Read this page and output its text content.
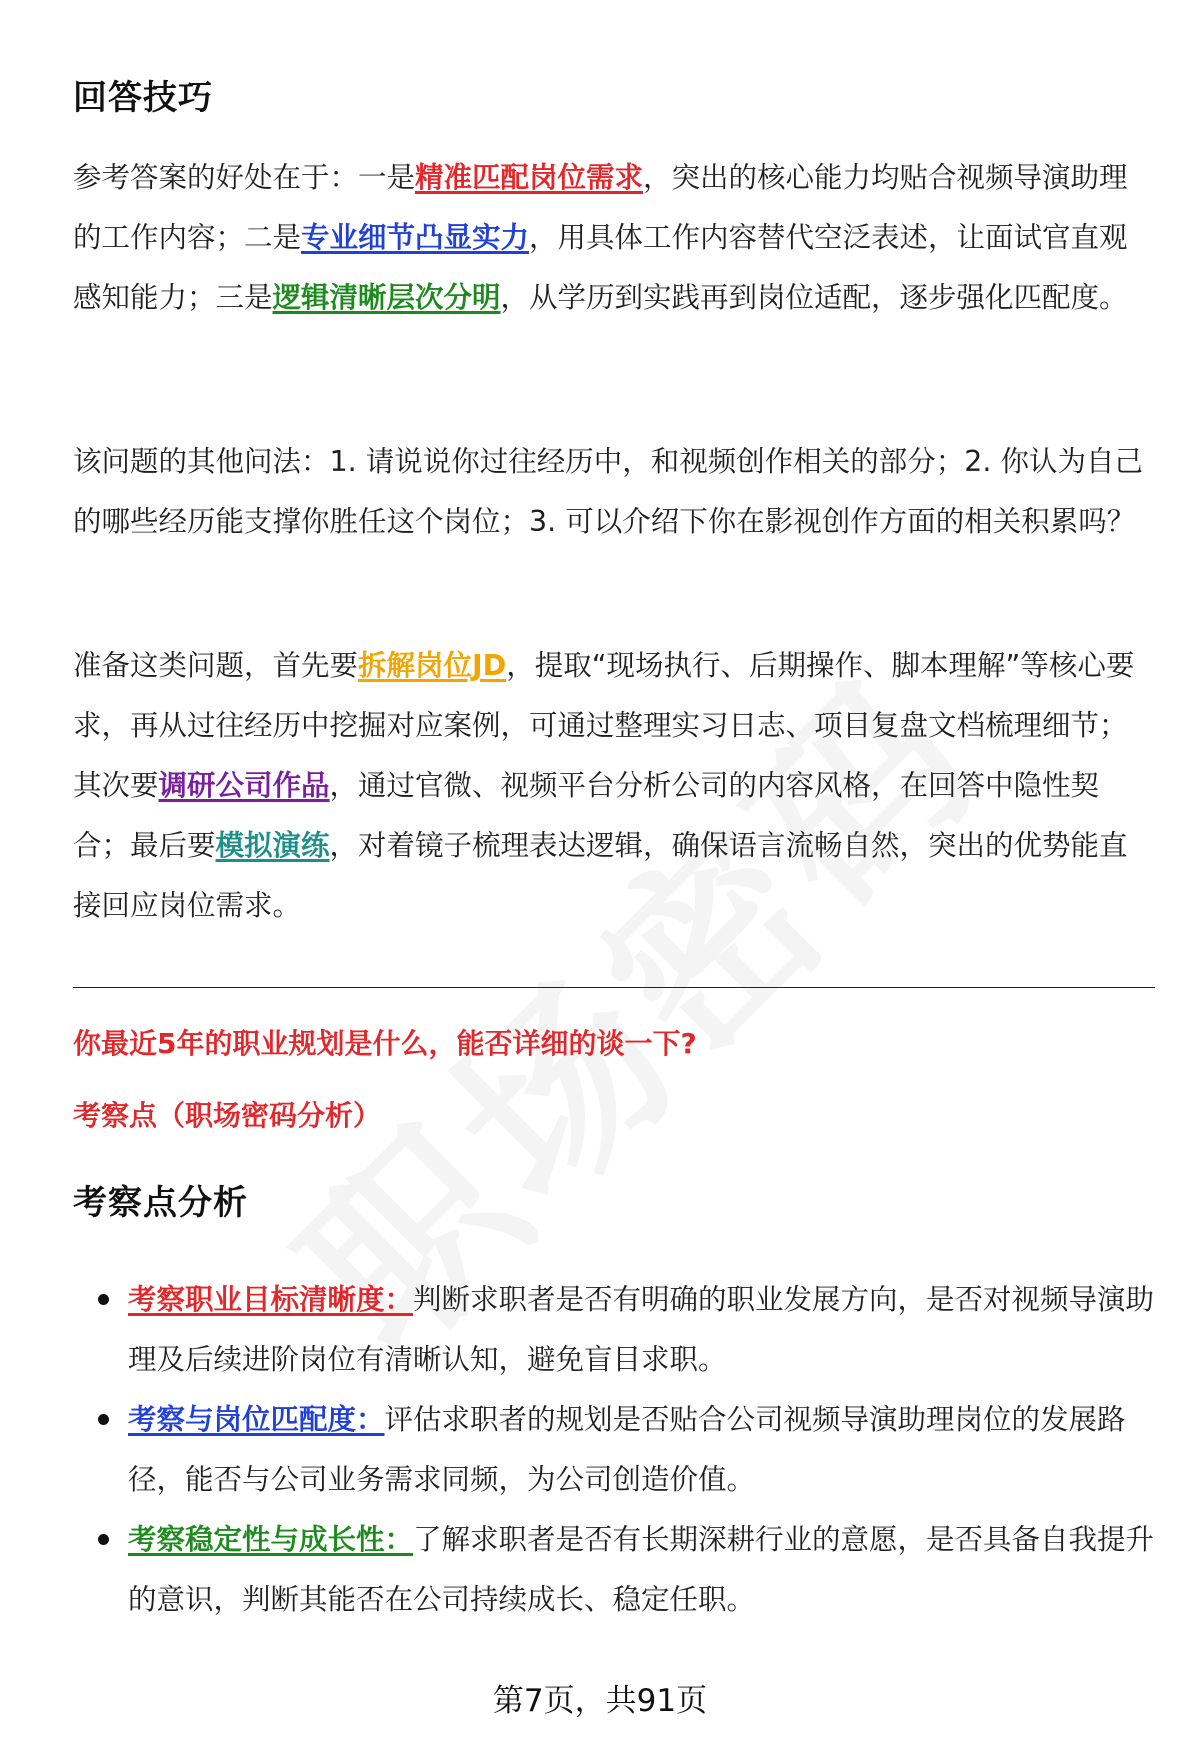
回答技巧

参考答案的好处在于：一是精准匹配岗位需求，突出的核心能力均贴合视频导演助理的工作内容；二是专业细节凸显实力，用具体工作内容替代空泛表述，让面试官直观感知能力；三是逻辑清晰层次分明，从学历到实践再到岗位适配，逐步强化匹配度。

该问题的其他问法：1. 请说说你过往经历中，和视频创作相关的部分；2. 你认为自己的哪些经历能支撑你胜任这个岗位；3. 可以介绍下你在影视创作方面的相关积累吗？

准备这类问题，首先要拆解岗位JD，提取“现场执行、后期操作、脚本理解”等核心要求，再从过往经历中挖掘对应案例，可通过整理实习日志、项目复盘文档梳理细节；其次要调研公司作品，通过官微、视频平台分析公司的内容风格，在回答中隐性契合；最后要模拟演练，对着镜子梳理表达逻辑，确保语言流畅自然，突出的优势能直接回应岗位需求。

你最近5年的职业规划是什么，能否详细的谈一下?
考察点（职场密码分析）
考察点分析
考察职业目标清晰度：判断求职者是否有明确的职业发展方向，是否对视频导演助理及后续进阶岗位有清晰认知，避免盲目求职。
考察与岗位匹配度：评估求职者的规划是否贴合公司视频导演助理岗位的发展路径，能否与公司业务需求同频，为公司创造价值。
考察稳定性与成长性：了解求职者是否有长期深耕行业的意愿，是否具备自我提升的意识，判断其能否在公司持续成长、稳定任职。
第7页，共91页
